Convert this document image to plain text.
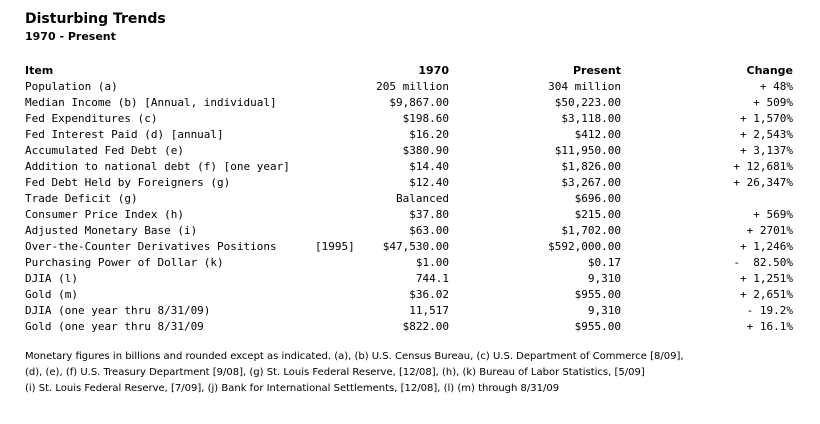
Disturbing Trends
1970 - Present
Item		1970	Present	Change
Population (a)		205 million	304 million	+ 48%
Median Income (b) [Annual, individual]		$9,867.00	$50,223.00	+ 509%
Fed Expenditures (c)		$198.60	$3,118.00	+ 1,570%
Fed Interest Paid (d) [annual]		$16.20	$412.00	+ 2,543%
Accumulated Fed Debt (e)		$380.90	$11,950.00	+ 3,137%
Addition to national debt (f) [one year]		$14.40	$1,826.00	+ 12,681%
Fed Debt Held by Foreigners (g)		$12.40	$3,267.00	+ 26,347%
Trade Deficit (g)		Balanced	$696.00	
Consumer Price Index (h)		$37.80	$215.00	+ 569%
Adjusted Monetary Base (i)		$63.00	$1,702.00	+ 2701%
Over-the-Counter Derivatives Positions	[1995]	$47,530.00	$592,000.00	+ 1,246%
Purchasing Power of Dollar (k)		$1.00	$0.17	-  82.50%
DJIA (l)		744.1	9,310	+ 1,251%
Gold (m)		$36.02	$955.00	+ 2,651%
DJIA (one year thru 8/31/09)		11,517	9,310	- 19.2%
Gold (one year thru 8/31/09		$822.00	$955.00	+ 16.1%

Monetary figures in billions and rounded except as indicated. (a), (b) U.S. Census Bureau, (c) U.S. Department of Commerce [8/09],

(d), (e), (f) U.S. Treasury Department [9/08], (g) St. Louis Federal Reserve, [12/08], (h), (k) Bureau of Labor Statistics, [5/09]

(i) St. Louis Federal Reserve, [7/09], (j) Bank for International Settlements, [12/08], (l) (m) through 8/31/09
